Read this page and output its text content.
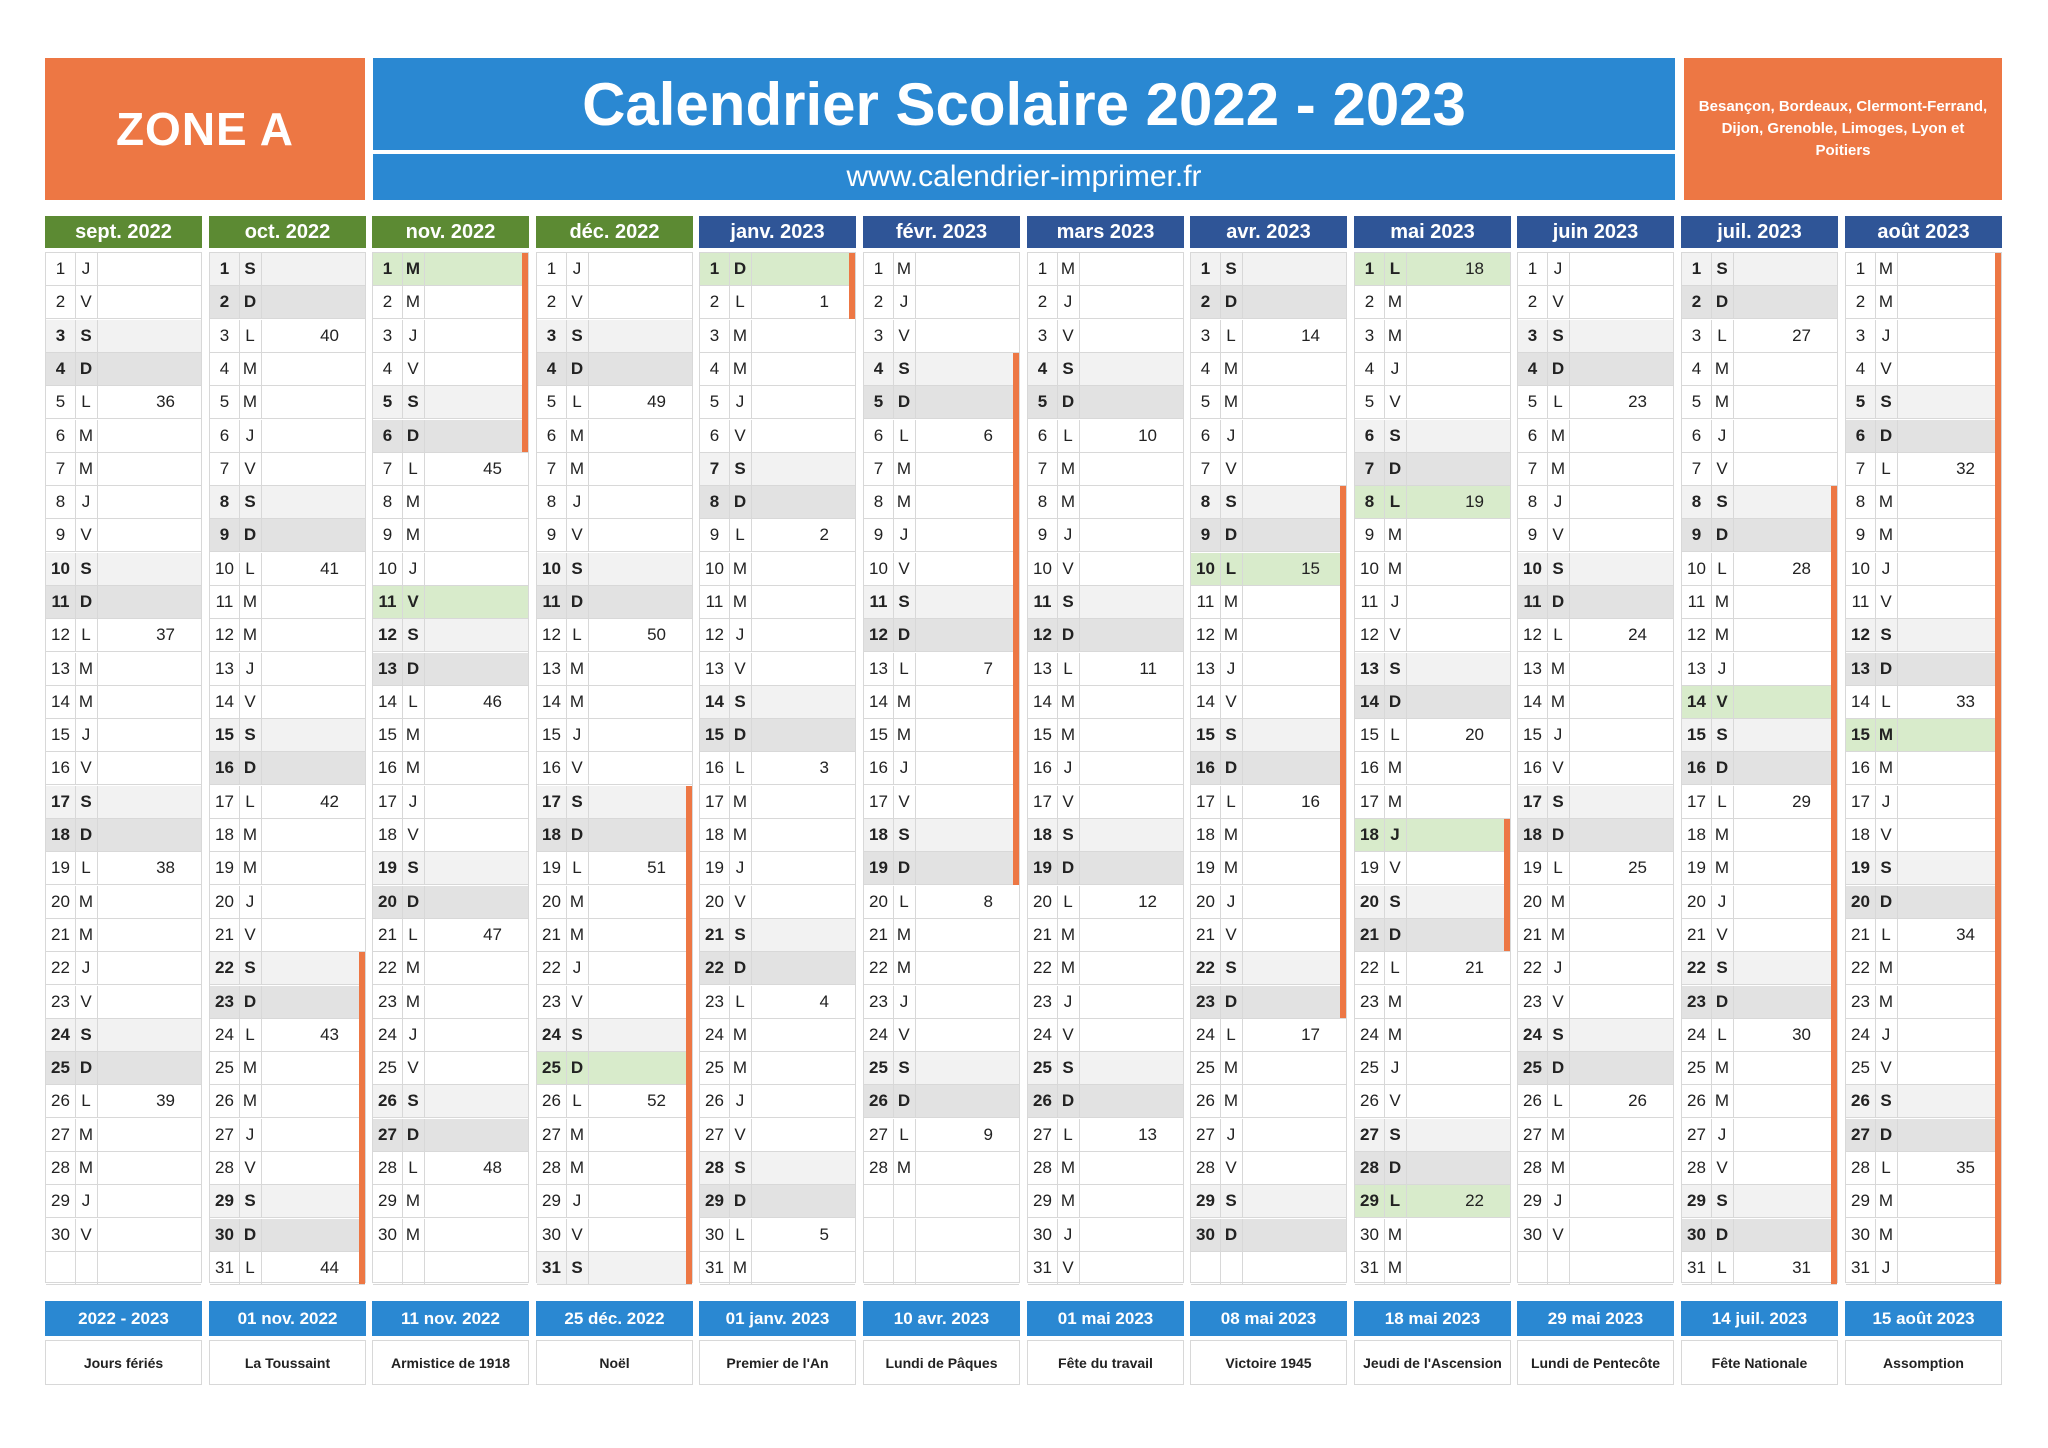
ZONE A	Calendrier Scolaire 2022 - 2023
www.calendrier-imprimer.fr
Besançon, Bordeaux, Clermont-Ferrand, Dijon, Grenoble, Limoges, Lyon et Poitiers
sept. 2022
1 J
2 V
3 S
4 D
5 L	36
6 M
7 M
8 J
9 V
10 S
11 D
12 L	37
13 M
14 M
15 J
16 V
17 S
18 D
19 L	38
20 M
21 M
22 J
23 V
24 S
25 D
26 L	39
27 M
28 M
29 J
30 V
oct. 2022
1 S
2 D
3 L	40
4 M
5 M
6 J
7 V
8 S
9 D
10 L	41
11 M
12 M
13 J
14 V
15 S
16 D
17 L	42
18 M
19 M
20 J
21 V
22 S
23 D
24 L	43
25 M
26 M
27 J
28 V
29 S
30 D
31 L	44
nov. 2022
1 M
2 M
3 J
4 V
5 S
6 D
7 L	45
8 M
9 M
10 J
11 V
12 S
13 D
14 L	46
15 M
16 M
17 J
18 V
19 S
20 D
21 L	47
22 M
23 M
24 J
25 V
26 S
27 D
28 L	48
29 M
30 M
déc. 2022
1 J
2 V
3 S
4 D
5 L	49
6 M
7 M
8 J
9 V
10 S
11 D
12 L	50
13 M
14 M
15 J
16 V
17 S
18 D
19 L	51
20 M
21 M
22 J
23 V
24 S
25 D
26 L	52
27 M
28 M
29 J
30 V
31 S
janv. 2023
1 D
2 L	1
3 M
4 M
5 J
6 V
7 S
8 D
9 L	2
10 M
11 M
12 J
13 V
14 S
15 D
16 L	3
17 M
18 M
19 J
20 V
21 S
22 D
23 L	4
24 M
25 M
26 J
27 V
28 S
29 D
30 L	5
31 M
févr. 2023
1 M
2 J
3 V
4 S
5 D
6 L	6
7 M
8 M
9 J
10 V
11 S
12 D
13 L	7
14 M
15 M
16 J
17 V
18 S
19 D
20 L	8
21 M
22 M
23 J
24 V
25 S
26 D
27 L	9
28 M
mars 2023
1 M
2 J
3 V
4 S
5 D
6 L	10
7 M
8 M
9 J
10 V
11 S
12 D
13 L	11
14 M
15 M
16 J
17 V
18 S
19 D
20 L	12
21 M
22 M
23 J
24 V
25 S
26 D
27 L	13
28 M
29 M
30 J
31 V
avr. 2023
1 S
2 D
3 L	14
4 M
5 M
6 J
7 V
8 S
9 D
10 L	15
11 M
12 M
13 J
14 V
15 S
16 D
17 L	16
18 M
19 M
20 J
21 V
22 S
23 D
24 L	17
25 M
26 M
27 J
28 V
29 S
30 D
mai 2023
1 L	18
2 M
3 M
4 J
5 V
6 S
7 D
8 L	19
9 M
10 M
11 J
12 V
13 S
14 D
15 L	20
16 M
17 M
18 J
19 V
20 S
21 D
22 L	21
23 M
24 M
25 J
26 V
27 S
28 D
29 L	22
30 M
31 M
juin 2023
1 J
2 V
3 S
4 D
5 L	23
6 M
7 M
8 J
9 V
10 S
11 D
12 L	24
13 M
14 M
15 J
16 V
17 S
18 D
19 L	25
20 M
21 M
22 J
23 V
24 S
25 D
26 L	26
27 M
28 M
29 J
30 V
juil. 2023
1 S
2 D
3 L	27
4 M
5 M
6 J
7 V
8 S
9 D
10 L	28
11 M
12 M
13 J
14 V
15 S
16 D
17 L	29
18 M
19 M
20 J
21 V
22 S
23 D
24 L	30
25 M
26 M
27 J
28 V
29 S
30 D
31 L	31
août 2023
1 M
2 M
3 J
4 V
5 S
6 D
7 L	32
8 M
9 M
10 J
11 V
12 S
13 D
14 L	33
15 M
16 M
17 J
18 V
19 S
20 D
21 L	34
22 M
23 M
24 J
25 V
26 S
27 D
28 L	35
29 M
30 M
31 J
2022 - 2023
Jours fériés
01 nov. 2022
La Toussaint
11 nov. 2022
Armistice de 1918
25 déc. 2022
Noël
01 janv. 2023
Premier de l'An
10 avr. 2023
Lundi de Pâques
01 mai 2023
Fête du travail
08 mai 2023
Victoire 1945
18 mai 2023
Jeudi de l'Ascension
29 mai 2023
Lundi de Pentecôte
14 juil. 2023
Fête Nationale
15 août 2023
Assomption
